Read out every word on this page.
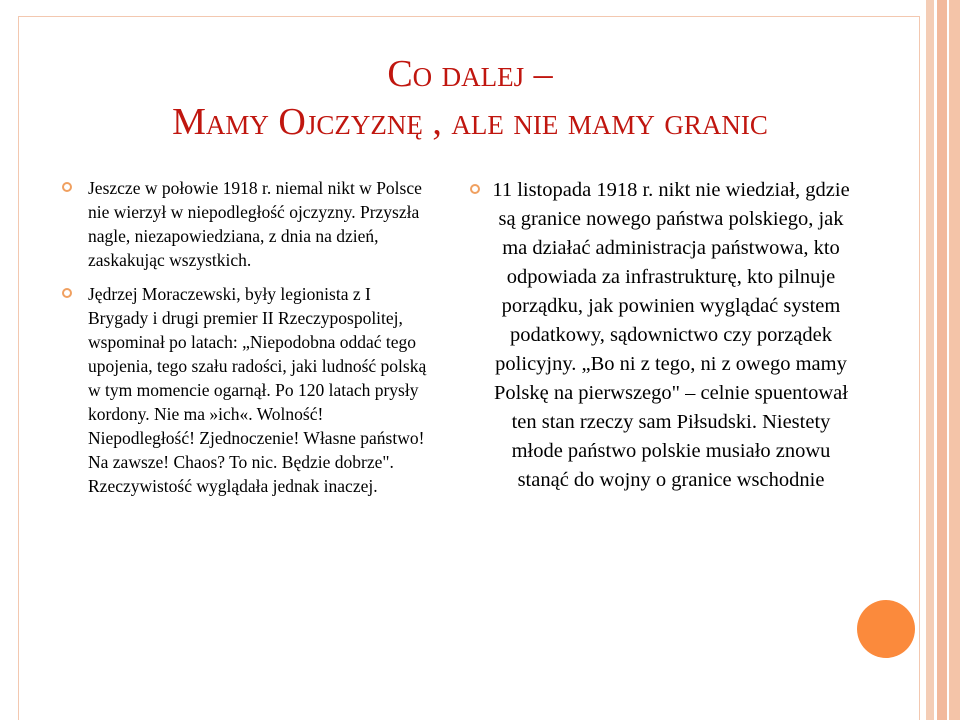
Co dalej –
Mamy Ojczyznę , ale nie mamy granic
Jeszcze w połowie 1918 r. niemal nikt w Polsce nie wierzył w niepodległość ojczyzny. Przyszła nagle, niezapowiedziana, z dnia na dzień, zaskakując wszystkich.
Jędrzej Moraczewski, były legionista z I Brygady i drugi premier II Rzeczypospolitej, wspominał po latach: „Niepodobna oddać tego upojenia, tego szału radości, jaki ludność polską w tym momencie ogarnął. Po 120 latach prysły kordony. Nie ma »ich«. Wolność! Niepodległość! Zjednoczenie! Własne państwo! Na zawsze! Chaos? To nic. Będzie dobrze". Rzeczywistość wyglądała jednak inaczej.
11 listopada 1918 r. nikt nie wiedział, gdzie są granice nowego państwa polskiego, jak ma działać administracja państwowa, kto odpowiada za infrastrukturę, kto pilnuje porządku, jak powinien wyglądać system podatkowy, sądownictwo czy porządek policyjny. „Bo ni z tego, ni z owego mamy Polskę na pierwszego" – celnie spuentował ten stan rzeczy sam Piłsudski. Niestety młode państwo polskie musiało znowu stanąć do wojny o granice wschodnie
